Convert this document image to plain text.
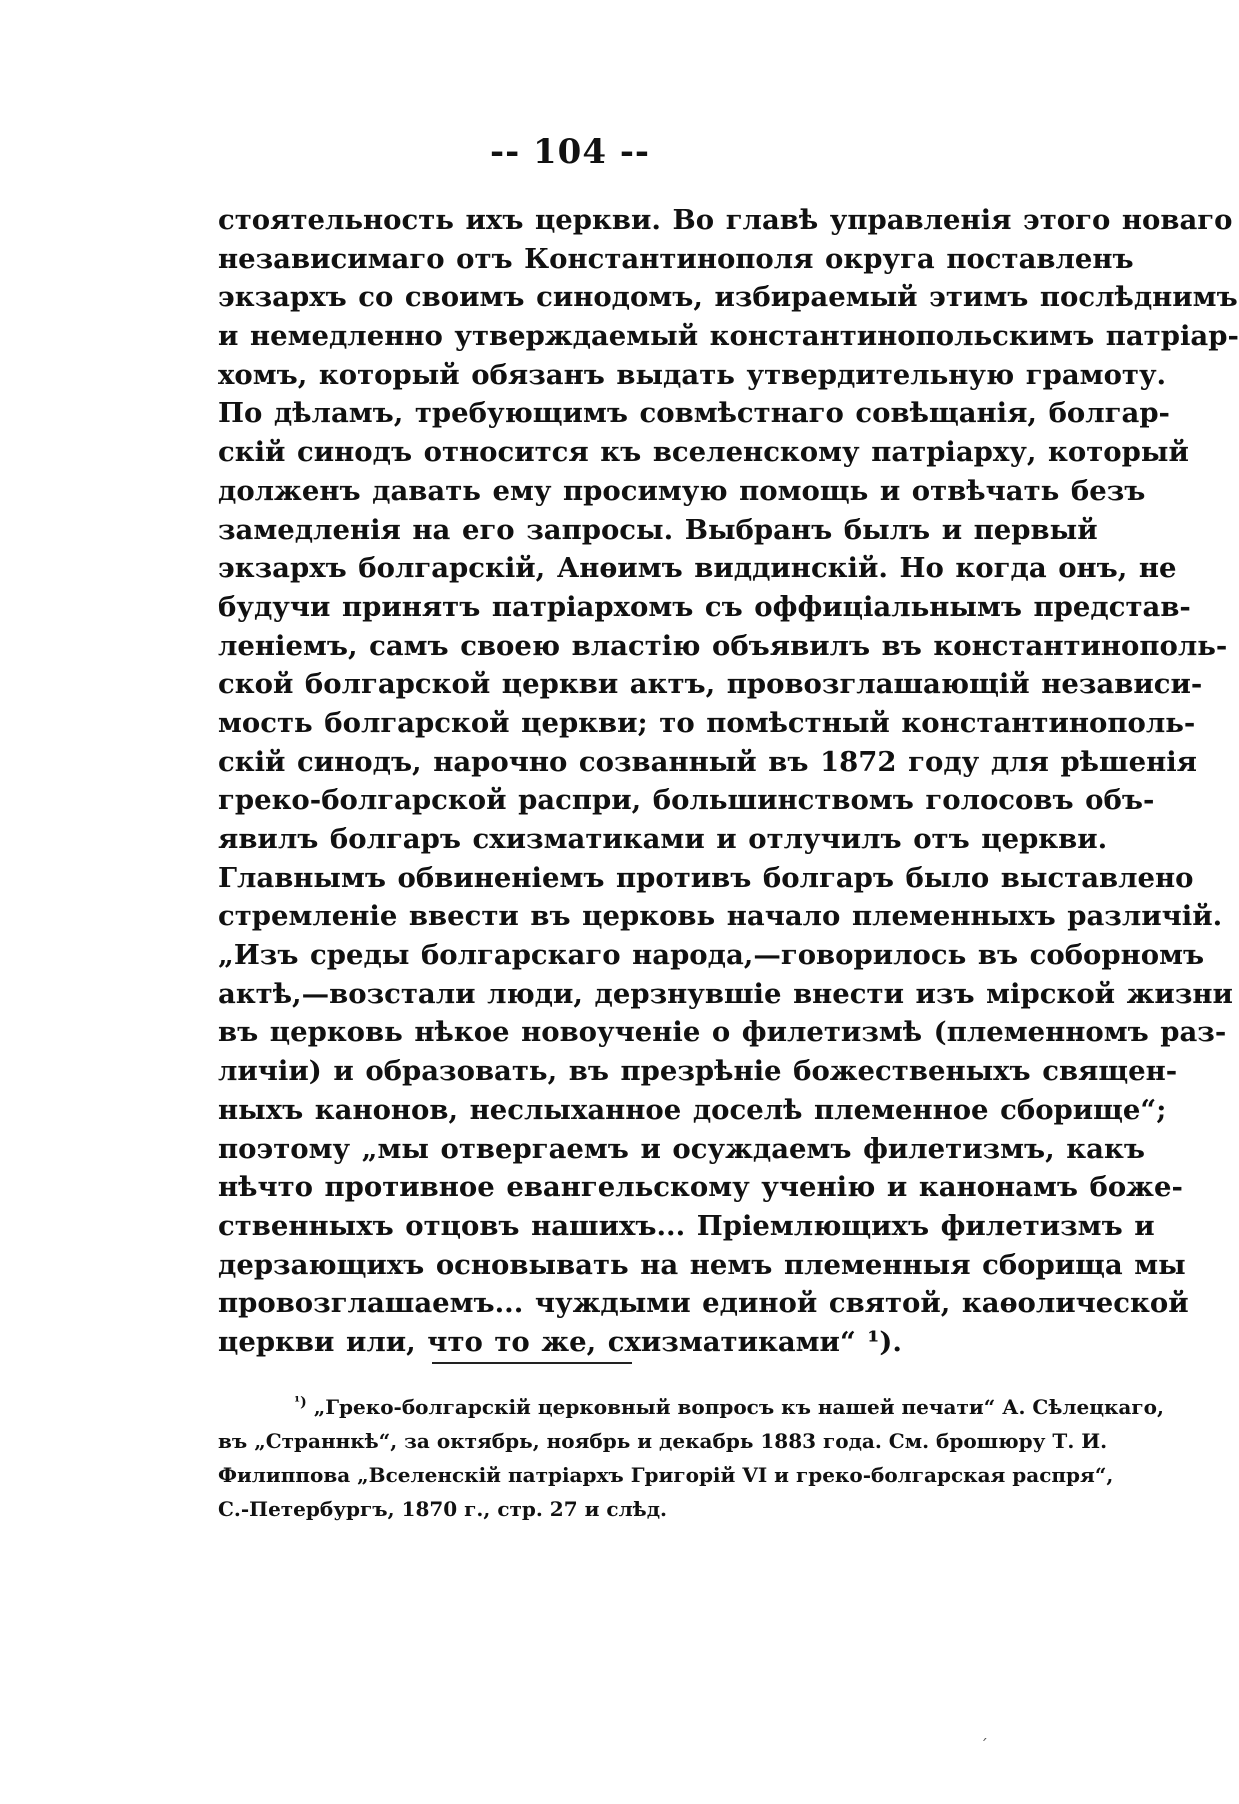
-- 104 --
стоятельность ихъ церкви. Во главѣ управленія этого новаго
независимаго отъ Константинополя округа поставленъ
экзархъ со своимъ синодомъ, избираемый этимъ послѣднимъ
и немедленно утверждаемый константинопольскимъ патріар-
хомъ, который обязанъ выдать утвердительную грамоту.
По дѣламъ, требующимъ совмѣстнаго совѣщанія, болгар-
скій синодъ относится къ вселенскому патріарху, который
долженъ давать ему просимую помощь и отвѣчать безъ
замедленія на его запросы. Выбранъ былъ и первый
экзархъ болгарскій, Анѳимъ виддинскій. Но когда онъ, не
будучи принятъ патріархомъ съ оффиціальнымъ представ-
леніемъ, самъ своею властію объявилъ въ константинополь-
ской болгарской церкви актъ, провозглашающій независи-
мость болгарской церкви; то помѣстный константинополь-
скій синодъ, нарочно созванный въ 1872 году для рѣшенія
греко-болгарской распри, большинствомъ голосовъ объ-
явилъ болгаръ схизматиками и отлучилъ отъ церкви.
Главнымъ обвиненіемъ противъ болгаръ было выставлено
стремленіе ввести въ церковь начало племенныхъ различій.
„Изъ среды болгарскаго народа,—говорилось въ соборномъ
актѣ,—возстали люди, дерзнувшіе внести изъ мірской жизни
въ церковь нѣкое новоученіе о филетизмѣ (племенномъ раз-
личіи) и образовать, въ презрѣніе божественыхъ священ-
ныхъ канонов, неслыханное доселѣ племенное сборище“;
поэтому „мы отвергаемъ и осуждаемъ филетизмъ, какъ
нѣчто противное евангельскому ученію и канонамъ боже-
ственныхъ отцовъ нашихъ... Пріемлющихъ филетизмъ и
дерзающихъ основывать на немъ племенныя сборища мы
провозглашаемъ... чуждыми единой святой, каѳолической
церкви или, что то же, схизматиками“ ¹).
$^{^1)}$ „Греко-болгарскій церковный вопросъ къ нашей печати“ А. Сѣлецкаго,
въ „Страннкѣ“, за октябрь, ноябрь и декабрь 1883 года. См. брошюру Т. И.
Филиппова „Вселенскій патріархъ Григорій VI и греко-болгарская распря“,
С.-Петербургъ, 1870 г., стр. 27 и слѣд.
ˊ
